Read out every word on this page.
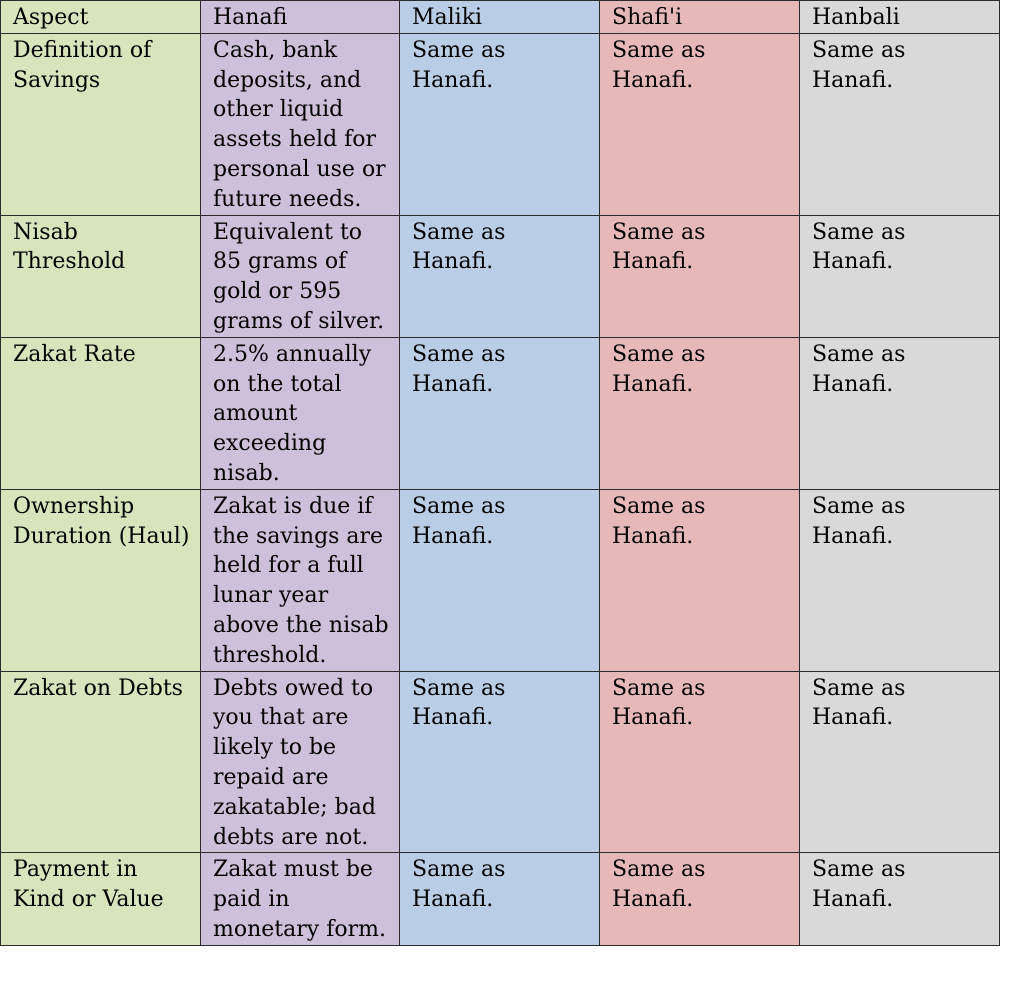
Aspect	Hanafi	Maliki	Shafi'i	Hanbali

Definition of Savings	Cash, bank deposits, and other liquid assets held for personal use or future needs.	Same as Hanafi.	Same as Hanafi.	Same as Hanafi.

Nisab Threshold	Equivalent to 85 grams of gold or 595 grams of silver.	Same as Hanafi.	Same as Hanafi.	Same as Hanafi.

Zakat Rate	2.5% annually on the total amount exceeding nisab.	Same as Hanafi.	Same as Hanafi.	Same as Hanafi.

Ownership Duration (Haul)	Zakat is due if the savings are held for a full lunar year above the nisab threshold.	Same as Hanafi.	Same as Hanafi.	Same as Hanafi.

Zakat on Debts	Debts owed to you that are likely to be repaid are zakatable; bad debts are not.	Same as Hanafi.	Same as Hanafi.	Same as Hanafi.

Payment in Kind or Value	Zakat must be paid in monetary form.	Same as Hanafi.	Same as Hanafi.	Same as Hanafi.
